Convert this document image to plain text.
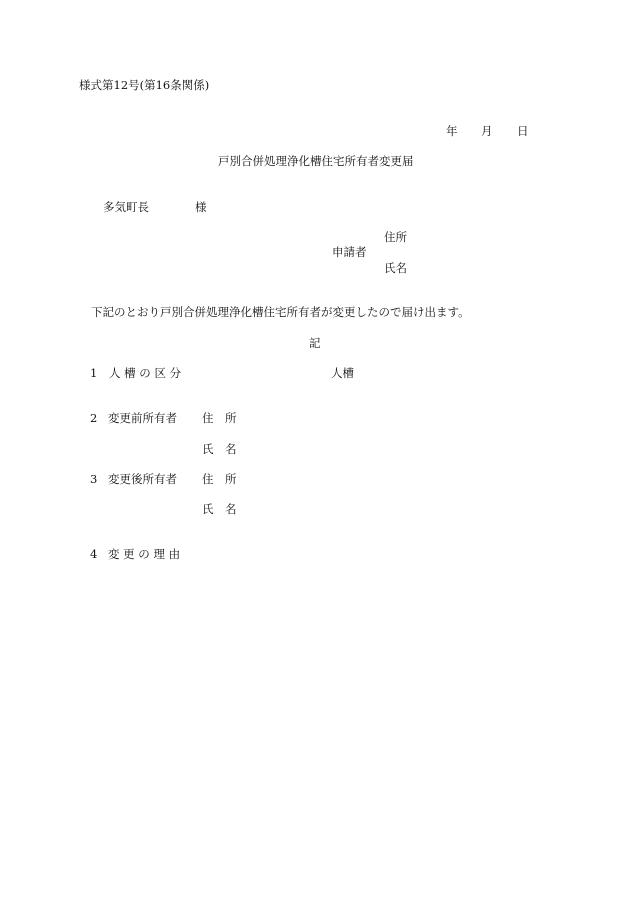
様式第12号(第16条関係)
年 月 日
戸別合併処理浄化槽住宅所有者変更届
多気町長	様
住所
申請者
氏名
下記のとおり戸別合併処理浄化槽住宅所有者が変更したので届け出ます。
記
1 人 槽 の 区 分	人槽
2 変更前所有者 住　所
氏　名
3 変更後所有者 住　所
氏　名
4 変 更 の 理 由
